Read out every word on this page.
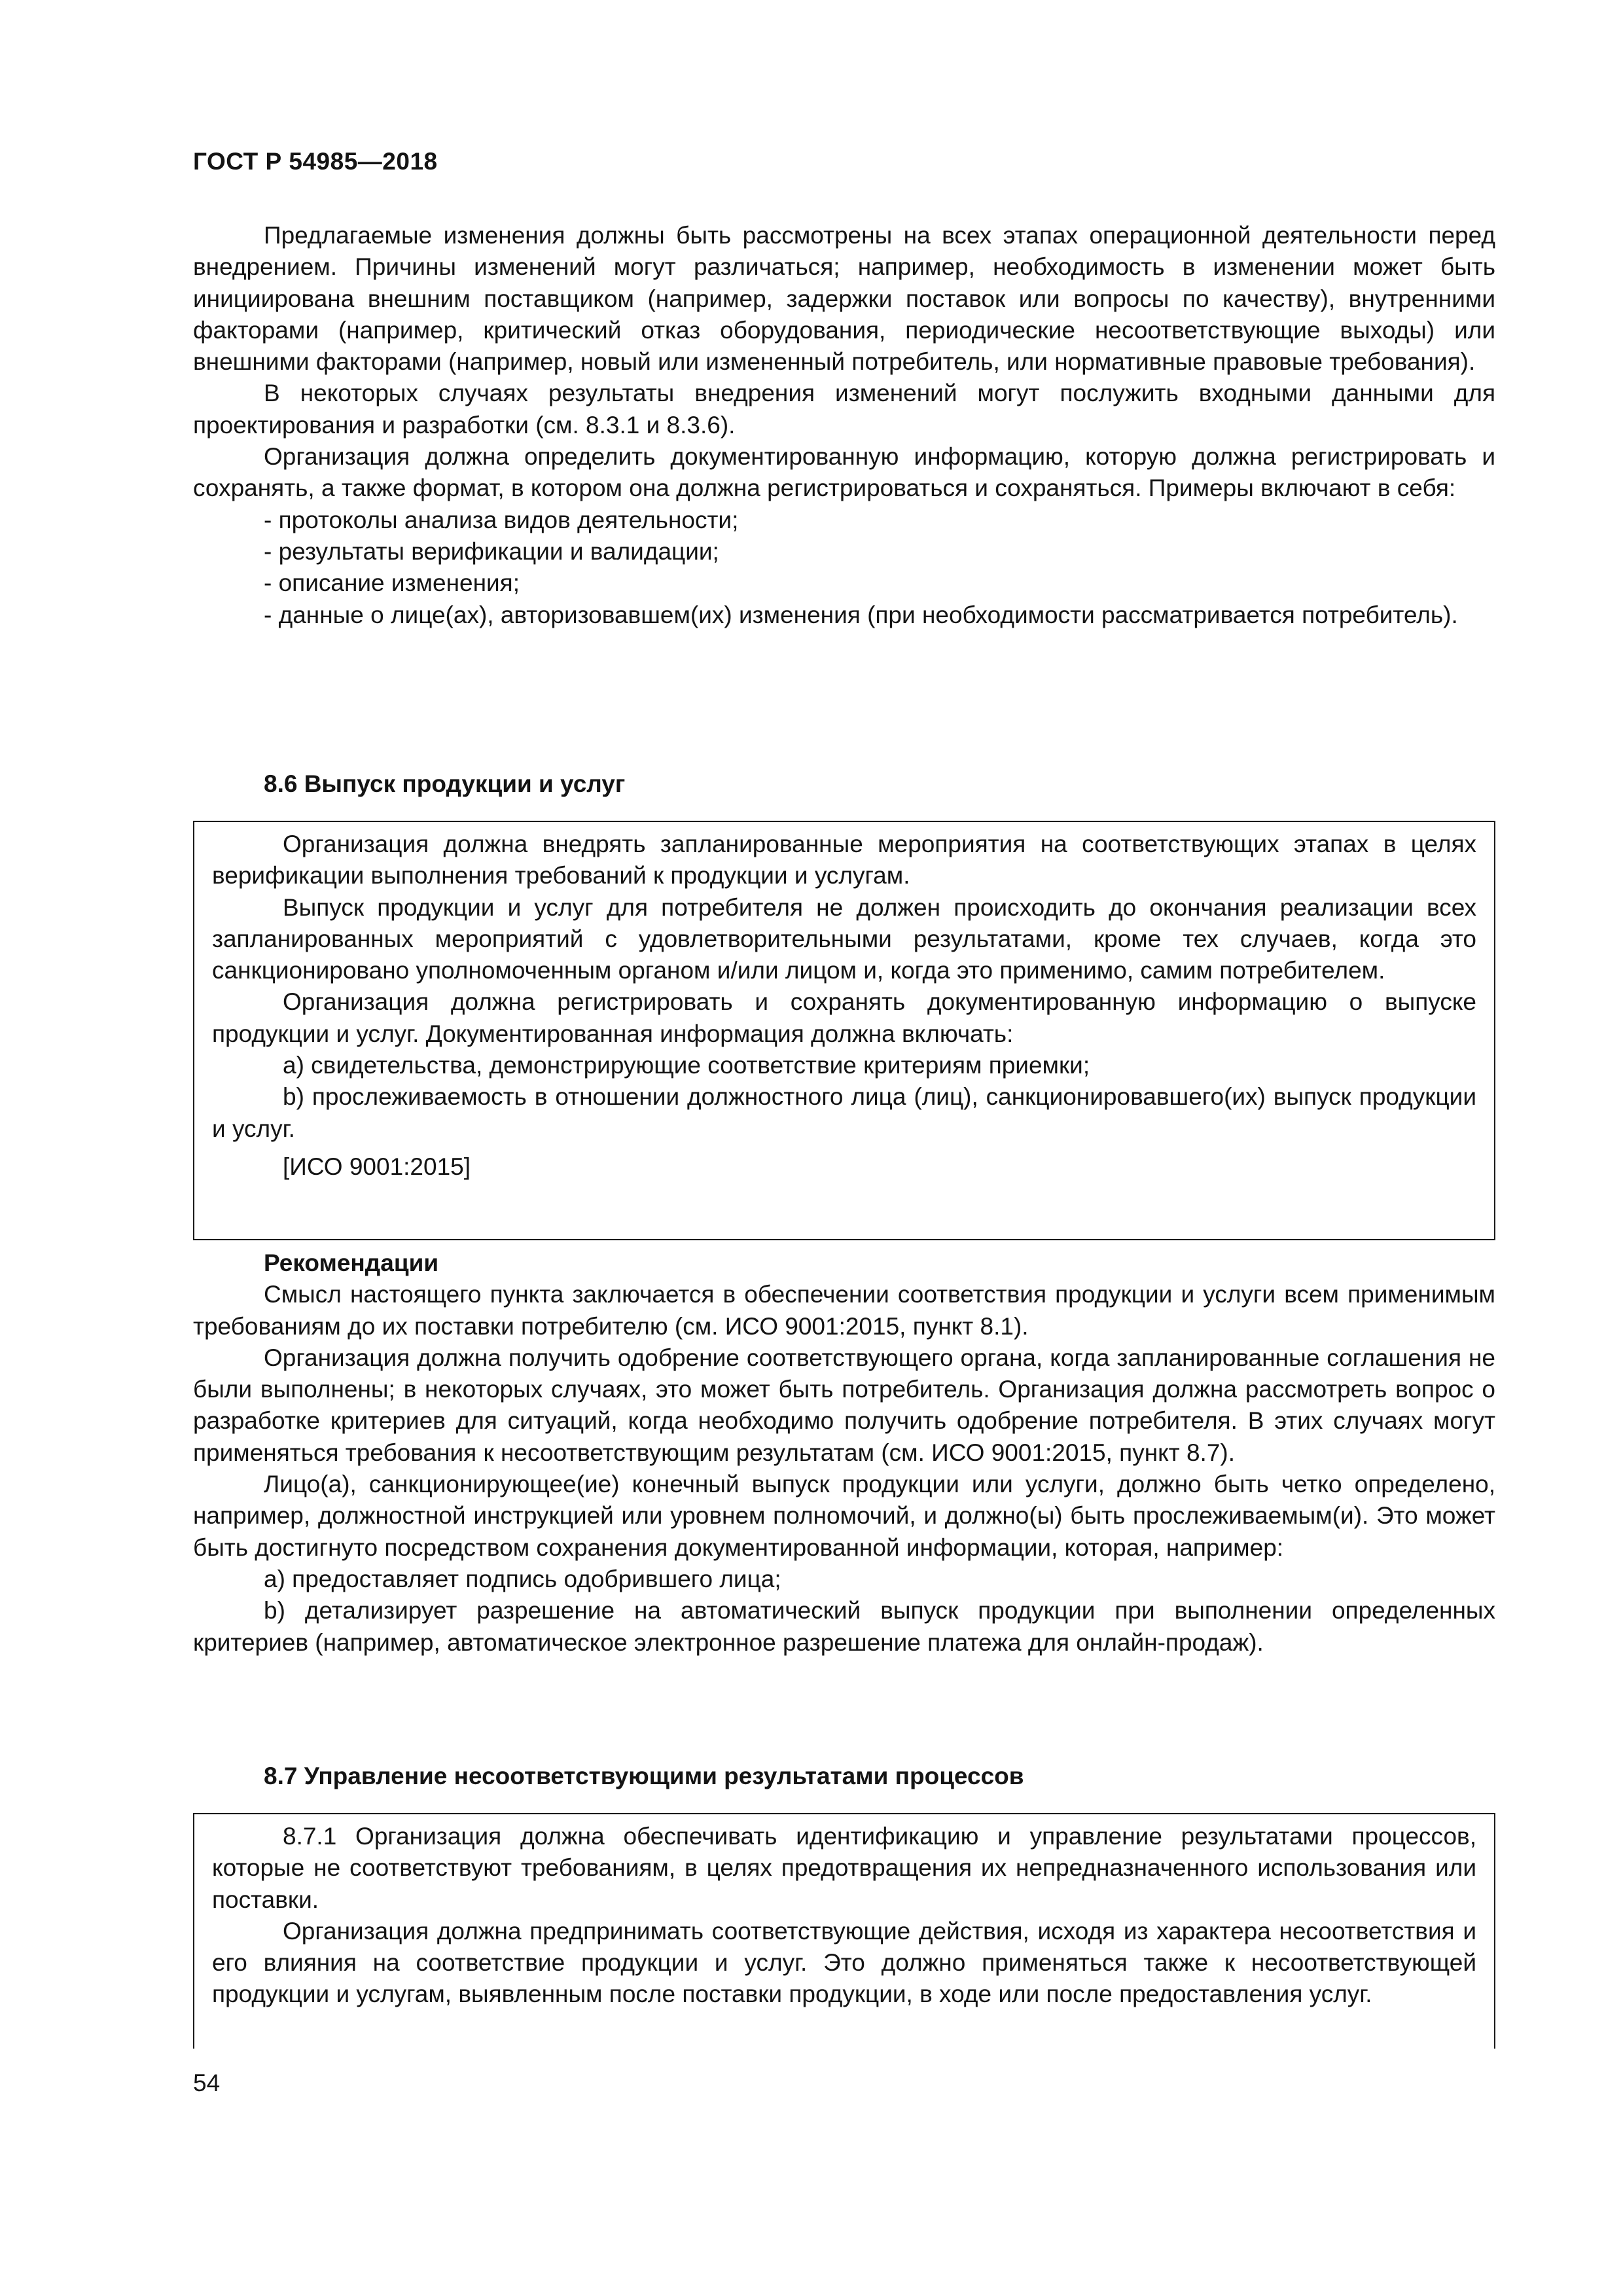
ГОСТ Р 54985—2018

Предлагаемые изменения должны быть рассмотрены на всех этапах операционной деятельности перед внедрением. Причины изменений могут различаться; например, необходимость в изменении может быть инициирована внешним поставщиком (например, задержки поставок или вопросы по качеству), внутренними факторами (например, критический отказ оборудования, периодические несоответствующие выходы) или внешними факторами (например, новый или измененный потребитель, или нормативные правовые требования).

В некоторых случаях результаты внедрения изменений могут послужить входными данными для проектирования и разработки (см. 8.3.1 и 8.3.6).

Организация должна определить документированную информацию, которую должна регистрировать и сохранять, а также формат, в котором она должна регистрироваться и сохраняться. Примеры включают в себя:

- протоколы анализа видов деятельности;

- результаты верификации и валидации;

- описание изменения;

- данные о лице(ах), авторизовавшем(их) изменения (при необходимости рассматривается потребитель).

8.6 Выпуск продукции и услуг

Организация должна внедрять запланированные мероприятия на соответствующих этапах в целях верификации выполнения требований к продукции и услугам.

Выпуск продукции и услуг для потребителя не должен происходить до окончания реализации всех запланированных мероприятий с удовлетворительными результатами, кроме тех случаев, когда это санкционировано уполномоченным органом и/или лицом и, когда это применимо, самим потребителем.

Организация должна регистрировать и сохранять документированную информацию о выпуске продукции и услуг. Документированная информация должна включать:

a) свидетельства, демонстрирующие соответствие критериям приемки;

b) прослеживаемость в отношении должностного лица (лиц), санкционировавшего(их) выпуск продукции и услуг.

[ИСО 9001:2015]

Рекомендации

Смысл настоящего пункта заключается в обеспечении соответствия продукции и услуги всем применимым требованиям до их поставки потребителю (см. ИСО 9001:2015, пункт 8.1).

Организация должна получить одобрение соответствующего органа, когда запланированные соглашения не были выполнены; в некоторых случаях, это может быть потребитель. Организация должна рассмотреть вопрос о разработке критериев для ситуаций, когда необходимо получить одобрение потребителя. В этих случаях могут применяться требования к несоответствующим результатам (см. ИСО 9001:2015, пункт 8.7).

Лицо(а), санкционирующее(ие) конечный выпуск продукции или услуги, должно быть четко определено, например, должностной инструкцией или уровнем полномочий, и должно(ы) быть прослеживаемым(и). Это может быть достигнуто посредством сохранения документированной информации, которая, например:

a) предоставляет подпись одобрившего лица;

b) детализирует разрешение на автоматический выпуск продукции при выполнении определенных критериев (например, автоматическое электронное разрешение платежа для онлайн-продаж).

8.7 Управление несоответствующими результатами процессов

8.7.1 Организация должна обеспечивать идентификацию и управление результатами процессов, которые не соответствуют требованиям, в целях предотвращения их непредназначенного использования или поставки.

Организация должна предпринимать соответствующие действия, исходя из характера несоответствия и его влияния на соответствие продукции и услуг. Это должно применяться также к несоответствующей продукции и услугам, выявленным после поставки продукции, в ходе или после предоставления услуг.

54
